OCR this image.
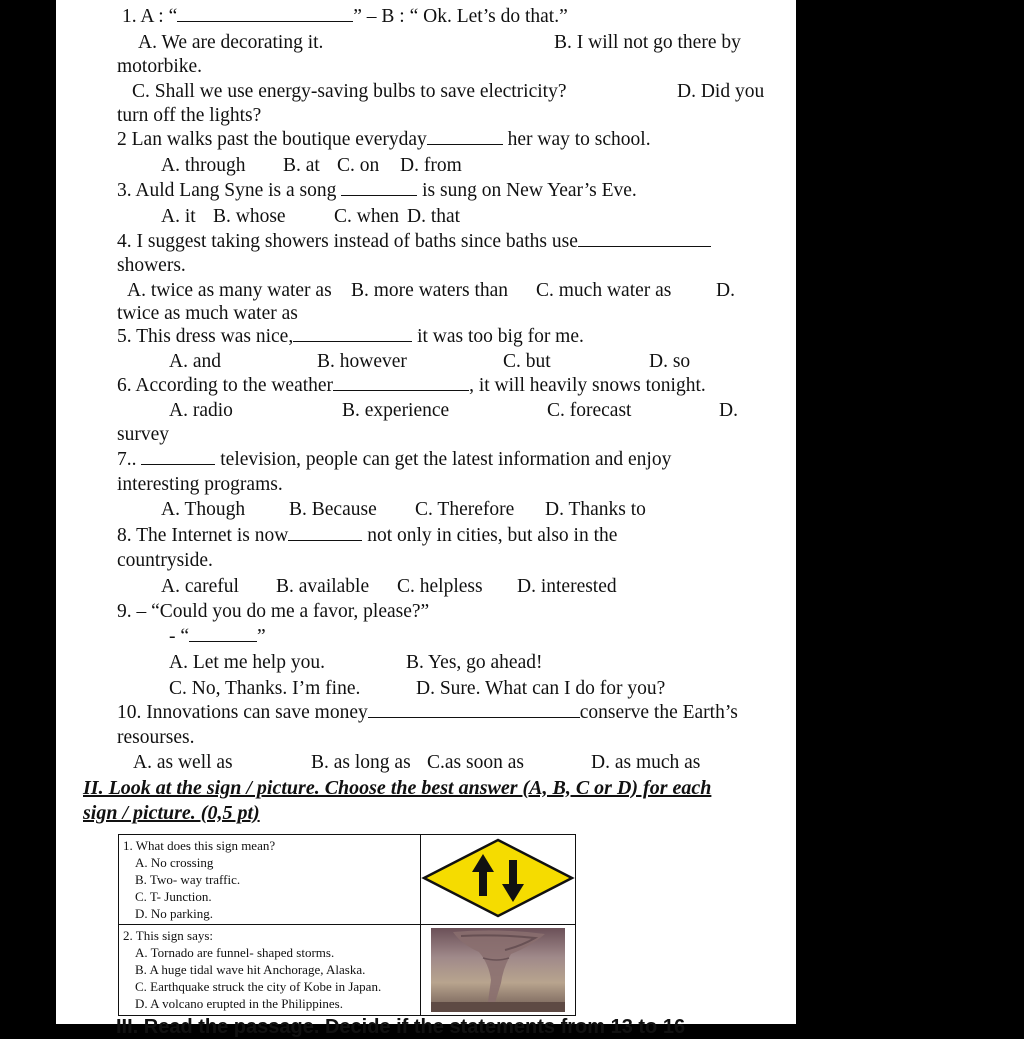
1. A : “	” – B : “ Ok. Let’s do that.”
A. We are decorating it.	B. I will not go there by
motorbike.
C. Shall we use energy-saving bulbs to save electricity?	D. Did you
turn off the lights?
2 Lan walks past the boutique everyday	her way to school.
A. through B. at C. on D. from
3. Auld Lang Syne is a song	is sung on New Year’s Eve.
A. it B. whose C. when D. that
4. I suggest taking showers instead of baths since baths use
showers.
A. twice as many water as B. more waters than C. much water as D.
twice as much water as
5. This dress was nice,	it was too big for me.
A. and	B. however	C. but	D. so
6. According to the weather	, it will heavily snows tonight.
A. radio	B. experience	C. forecast	D.
survey
7..	television, people can get the latest information and enjoy
interesting programs.
A. Though B. Because C. Therefore D. Thanks to
8. The Internet is now	not only in cities, but also in the
countryside.
A. careful B. available C. helpless D. interested
9. – “Could you do me a favor, please?”
- “	”
A. Let me help you.	B. Yes, go ahead!
C. No, Thanks. I’m fine.	D. Sure. What can I do for you?
10. Innovations can save money	conserve the Earth’s
resourses.
A. as well as	B. as long as C.as soon as	D. as much as
II. Look at the sign / picture. Choose the best answer (A, B, C or D) for each
sign / picture. (0,5 pt)
1. What does this sign mean?
A. No crossing
B. Two- way traffic.
C. T- Junction.
D. No parking.

2. This sign says:
A. Tornado are funnel- shaped storms.
B. A huge tidal wave hit Anchorage, Alaska.
C. Earthquake struck the city of Kobe in Japan.
D. A volcano erupted in the Philippines.

III. Read the passage. Decide if the statements from 13 to 16
